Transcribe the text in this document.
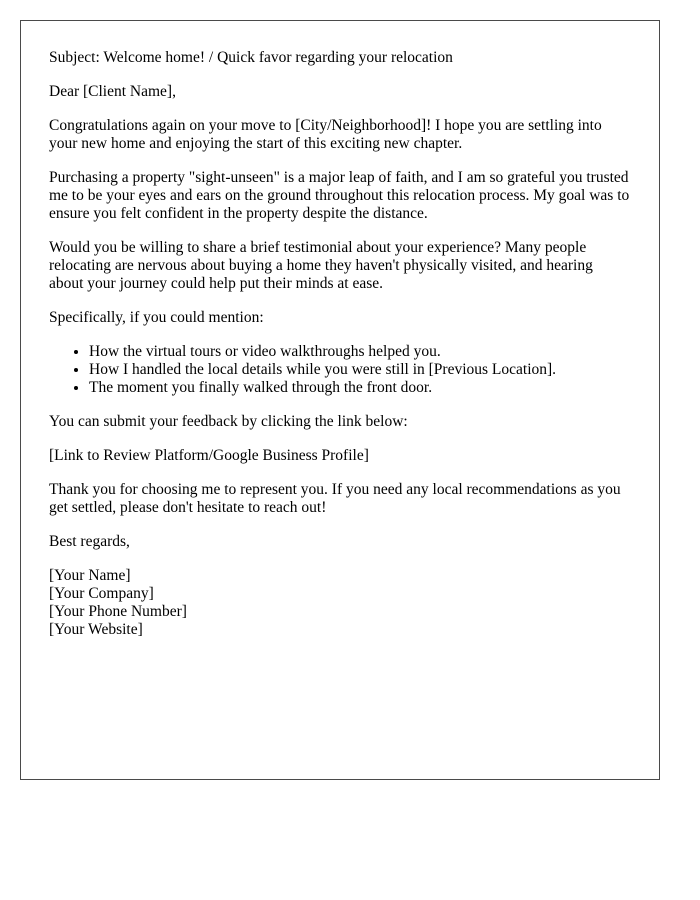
Subject: Welcome home! / Quick favor regarding your relocation

Dear [Client Name],

Congratulations again on your move to [City/Neighborhood]! I hope you are settling into your new home and enjoying the start of this exciting new chapter.

Purchasing a property "sight-unseen" is a major leap of faith, and I am so grateful you trusted me to be your eyes and ears on the ground throughout this relocation process. My goal was to ensure you felt confident in the property despite the distance.

Would you be willing to share a brief testimonial about your experience? Many people relocating are nervous about buying a home they haven't physically visited, and hearing about your journey could help put their minds at ease.

Specifically, if you could mention:

• How the virtual tours or video walkthroughs helped you.
• How I handled the local details while you were still in [Previous Location].
• The moment you finally walked through the front door.

You can submit your feedback by clicking the link below:

[Link to Review Platform/Google Business Profile]

Thank you for choosing me to represent you. If you need any local recommendations as you get settled, please don't hesitate to reach out!

Best regards,

[Your Name]

[Your Company]

[Your Phone Number]

[Your Website]
